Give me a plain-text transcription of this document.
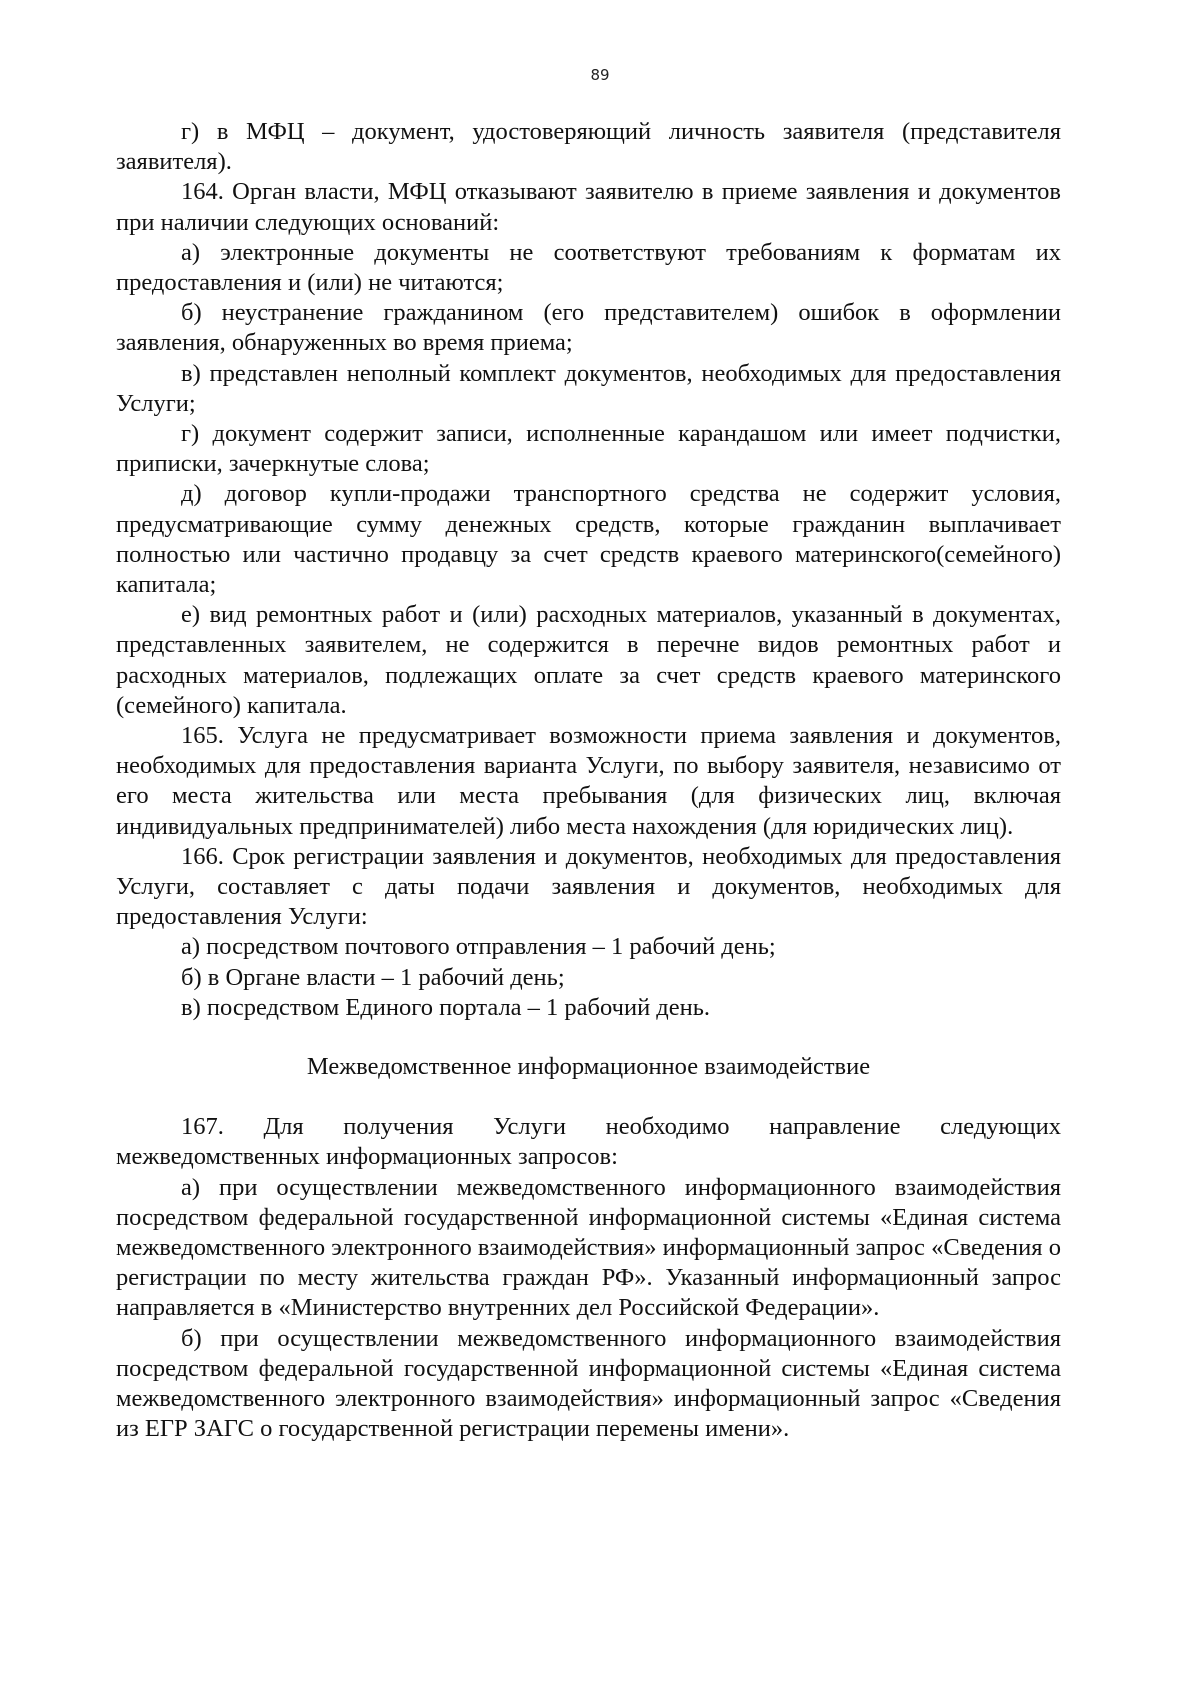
89

г) в МФЦ – документ, удостоверяющий личность заявителя (представителя заявителя).

164. Орган власти, МФЦ отказывают заявителю в приеме заявления и документов при наличии следующих оснований:

а) электронные документы не соответствуют требованиям к форматам их предоставления и (или) не читаются;

б) неустранение гражданином (его представителем) ошибок в оформлении заявления, обнаруженных во время приема;

в) представлен неполный комплект документов, необходимых для предоставления Услуги;

г) документ содержит записи, исполненные карандашом или имеет подчистки, приписки, зачеркнутые слова;

д) договор купли-продажи транспортного средства не содержит условия, предусматривающие сумму денежных средств, которые гражданин выплачивает полностью или частично продавцу за счет средств краевого материнского(семейного) капитала;

е) вид ремонтных работ и (или) расходных материалов, указанный в документах, представленных заявителем, не содержится в перечне видов ремонтных работ и расходных материалов, подлежащих оплате за счет средств краевого материнского (семейного) капитала.

165. Услуга не предусматривает возможности приема заявления и документов, необходимых для предоставления варианта Услуги, по выбору заявителя, независимо от его места жительства или места пребывания (для физических лиц, включая индивидуальных предпринимателей) либо места нахождения (для юридических лиц).

166. Срок регистрации заявления и документов, необходимых для предоставления Услуги, составляет с даты подачи заявления и документов, необходимых для предоставления Услуги:

а) посредством почтового отправления – 1 рабочий день;

б) в Органе власти – 1 рабочий день;

в) посредством Единого портала – 1 рабочий день.

Межведомственное информационное взаимодействие

167. Для получения Услуги необходимо направление следующих межведомственных информационных запросов:

а) при осуществлении межведомственного информационного взаимодействия посредством федеральной государственной информационной системы «Единая система межведомственного электронного взаимодействия» информационный запрос «Сведения о регистрации по месту жительства граждан РФ». Указанный информационный запрос направляется в «Министерство внутренних дел Российской Федерации».

б) при осуществлении межведомственного информационного взаимодействия посредством федеральной государственной информационной системы «Единая система межведомственного электронного взаимодействия» информационный запрос «Сведения из ЕГР ЗАГС о государственной регистрации перемены имени».
